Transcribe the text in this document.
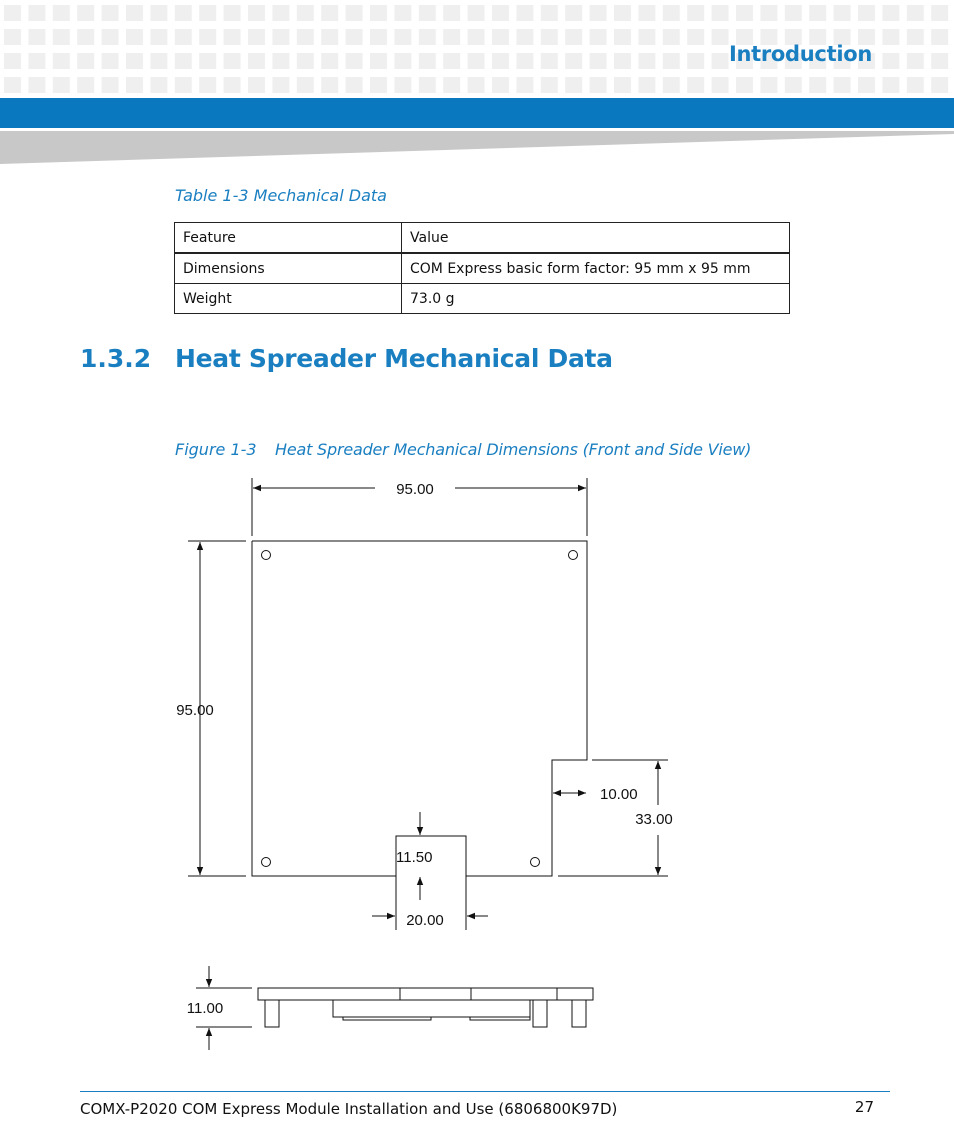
Introduction
Table 1-3 Mechanical Data
Feature	Value
Dimensions	COM Express basic form factor: 95 mm x 95 mm
Weight	73.0 g
1.3.2 Heat Spreader Mechanical Data
Figure 1-3 Heat Spreader Mechanical Dimensions (Front and Side View)
95.00
95.00
10.00
33.00
11.50
20.00
11.00
COMX-P2020 COM Express Module Installation and Use (6806800K97D)	27
